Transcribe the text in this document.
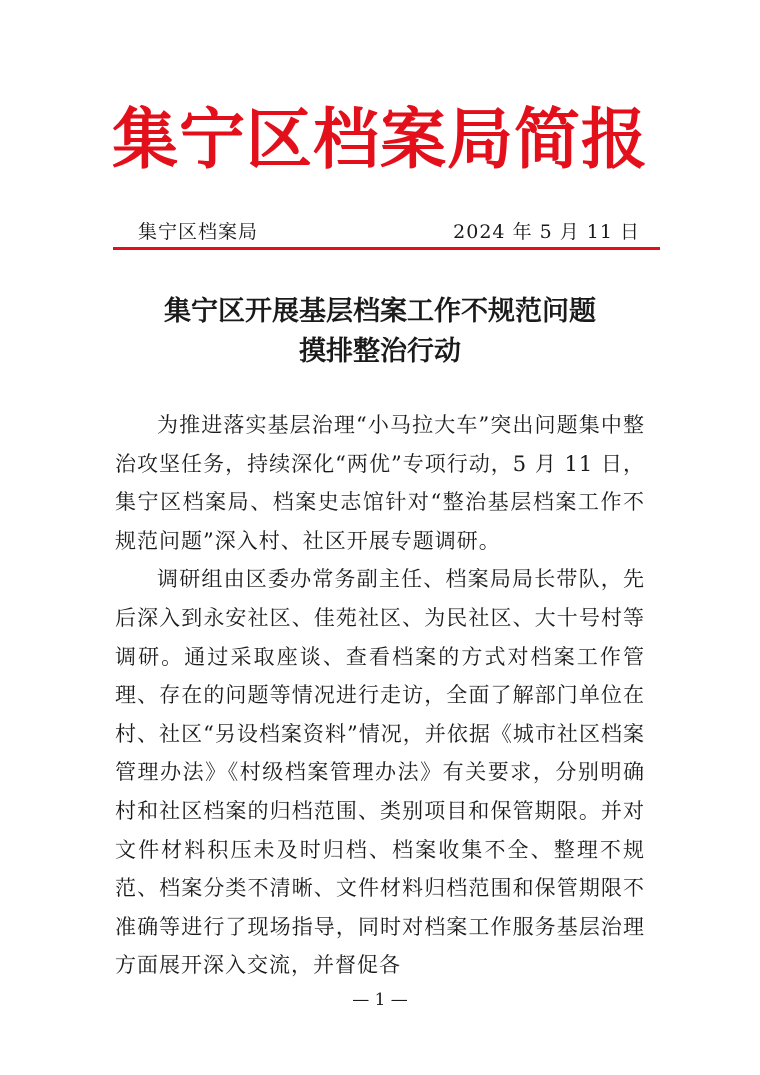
集宁区档案局简报
集宁区档案局	2024 年 5 月 11 日
集宁区开展基层档案工作不规范问题
摸排整治行动

为推进落实基层治理“小马拉大车”突出问题集中整治攻坚任务，持续深化“两优”专项行动，5 月 11 日，集宁区档案局、档案史志馆针对“整治基层档案工作不规范问题”深入村、社区开展专题调研。

调研组由区委办常务副主任、档案局局长带队，先后深入到永安社区、佳苑社区、为民社区、大十号村等调研。通过采取座谈、查看档案的方式对档案工作管理、存在的问题等情况进行走访，全面了解部门单位在村、社区“另设档案资料”情况，并依据《城市社区档案管理办法》《村级档案管理办法》有关要求，分别明确村和社区档案的归档范围、类别项目和保管期限。并对文件材料积压未及时归档、档案收集不全、整理不规范、档案分类不清晰、文件材料归档范围和保管期限不准确等进行了现场指导，同时对档案工作服务基层治理方面展开深入交流，并督促各

— 1 —
